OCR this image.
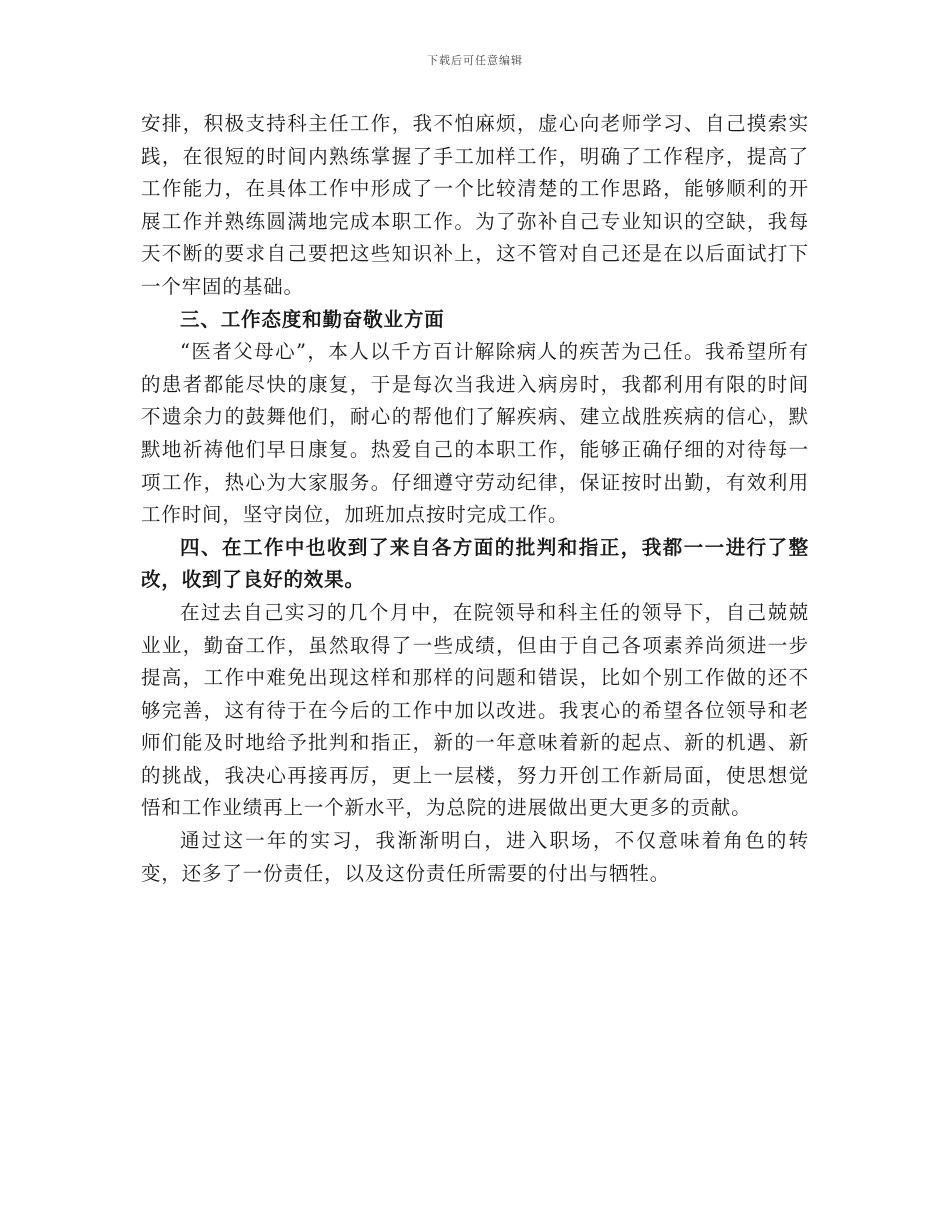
下载后可任意编辑

安排，积极支持科主任工作，我不怕麻烦，虚心向老师学习、自己摸索实践，在很短的时间内熟练掌握了手工加样工作，明确了工作程序，提高了工作能力，在具体工作中形成了一个比较清楚的工作思路，能够顺利的开展工作并熟练圆满地完成本职工作。为了弥补自己专业知识的空缺，我每天不断的要求自己要把这些知识补上，这不管对自己还是在以后面试打下一个牢固的基础。

三、工作态度和勤奋敬业方面

“医者父母心”，本人以千方百计解除病人的疾苦为己任。我希望所有的患者都能尽快的康复，于是每次当我进入病房时，我都利用有限的时间不遗余力的鼓舞他们，耐心的帮他们了解疾病、建立战胜疾病的信心，默默地祈祷他们早日康复。热爱自己的本职工作，能够正确仔细的对待每一项工作，热心为大家服务。仔细遵守劳动纪律，保证按时出勤，有效利用工作时间，坚守岗位，加班加点按时完成工作。

四、在工作中也收到了来自各方面的批判和指正，我都一一进行了整改，收到了良好的效果。

在过去自己实习的几个月中，在院领导和科主任的领导下，自己兢兢业业，勤奋工作，虽然取得了一些成绩，但由于自己各项素养尚须进一步提高，工作中难免出现这样和那样的问题和错误，比如个别工作做的还不够完善，这有待于在今后的工作中加以改进。我衷心的希望各位领导和老师们能及时地给予批判和指正，新的一年意味着新的起点、新的机遇、新的挑战，我决心再接再厉，更上一层楼，努力开创工作新局面，使思想觉悟和工作业绩再上一个新水平，为总院的进展做出更大更多的贡献。

通过这一年的实习，我渐渐明白，进入职场，不仅意味着角色的转变，还多了一份责任，以及这份责任所需要的付出与牺牲。
